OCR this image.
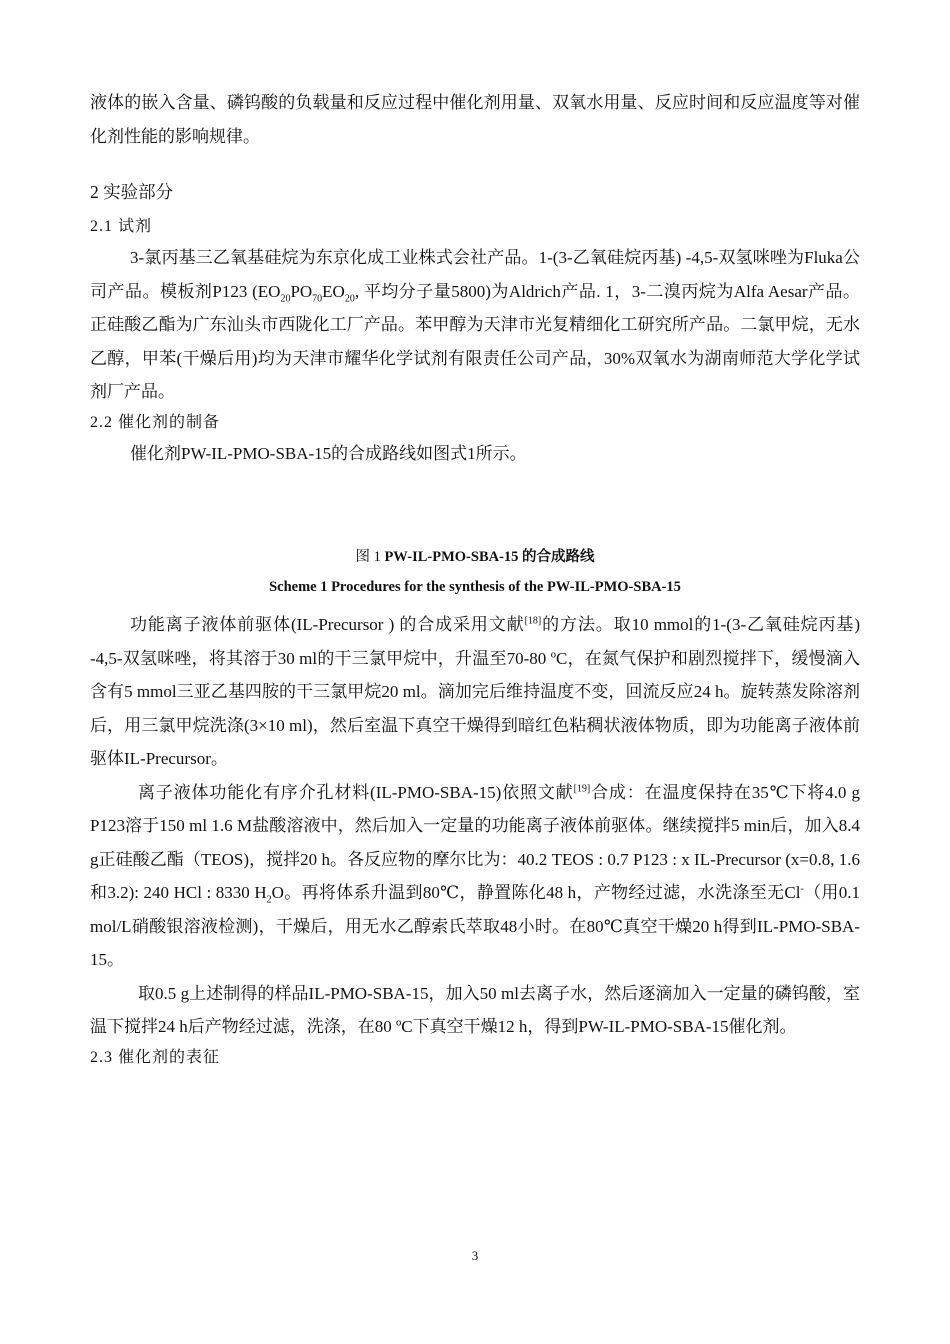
液体的嵌入含量、磷钨酸的负载量和反应过程中催化剂用量、双氧水用量、反应时间和反应温度等对催化剂性能的影响规律。

2 实验部分
2.1 试剂

3-氯丙基三乙氧基硅烷为东京化成工业株式会社产品。1-(3-乙氧硅烷丙基) -4,5-双氢咪唑为Fluka公司产品。模板剂P123 ($EO_{20}PO_{70}EO_{20}$, 平均分子量5800)为Aldrich产品. 1，3-二溴丙烷为Alfa Aesar产品。正硅酸乙酯为广东汕头市西陇化工厂产品。苯甲醇为天津市光复精细化工研究所产品。二氯甲烷，无水乙醇，甲苯(干燥后用)均为天津市耀华化学试剂有限责任公司产品，30%双氧水为湖南师范大学化学试剂厂产品。

2.2 催化剂的制备

催化剂PW-IL-PMO-SBA-15的合成路线如图式1所示。

图 1 PW-IL-PMO-SBA-15 的合成路线
Scheme 1 Procedures for the synthesis of the PW-IL-PMO-SBA-15

功能离子液体前驱体(IL-Precursor ) 的合成采用文献[18]的方法。取10 mmol的1-(3-乙氧硅烷丙基) -4,5-双氢咪唑，将其溶于30 ml的干三氯甲烷中，升温至70-80 ºC，在氮气保护和剧烈搅拌下，缓慢滴入含有5 mmol三亚乙基四胺的干三氯甲烷20 ml。滴加完后维持温度不变，回流反应24 h。旋转蒸发除溶剂后，用三氯甲烷洗涤(3×10 ml)，然后室温下真空干燥得到暗红色粘稠状液体物质，即为功能离子液体前驱体IL-Precursor。

离子液体功能化有序介孔材料(IL-PMO-SBA-15)依照文献[19]合成：在温度保持在35℃下将4.0 g P123溶于150 ml 1.6 M盐酸溶液中，然后加入一定量的功能离子液体前驱体。继续搅拌5 min后，加入8.4 g正硅酸乙酯（TEOS)，搅拌20 h。各反应物的摩尔比为：40.2 TEOS : 0.7 P123 : x IL-Precursor (x=0.8, 1.6和3.2): 240 HCl : 8330 $H_2O$。再将体系升温到80℃，静置陈化48 h，产物经过滤，水洗涤至无Cl-（用0.1 mol/L硝酸银溶液检测)，干燥后，用无水乙醇索氏萃取48小时。在80℃真空干燥20 h得到IL-PMO-SBA-15。

取0.5 g上述制得的样品IL-PMO-SBA-15，加入50 ml去离子水，然后逐滴加入一定量的磷钨酸，室温下搅拌24 h后产物经过滤，洗涤，在80 ºC下真空干燥12 h，得到PW-IL-PMO-SBA-15催化剂。

2.3 催化剂的表征
3
